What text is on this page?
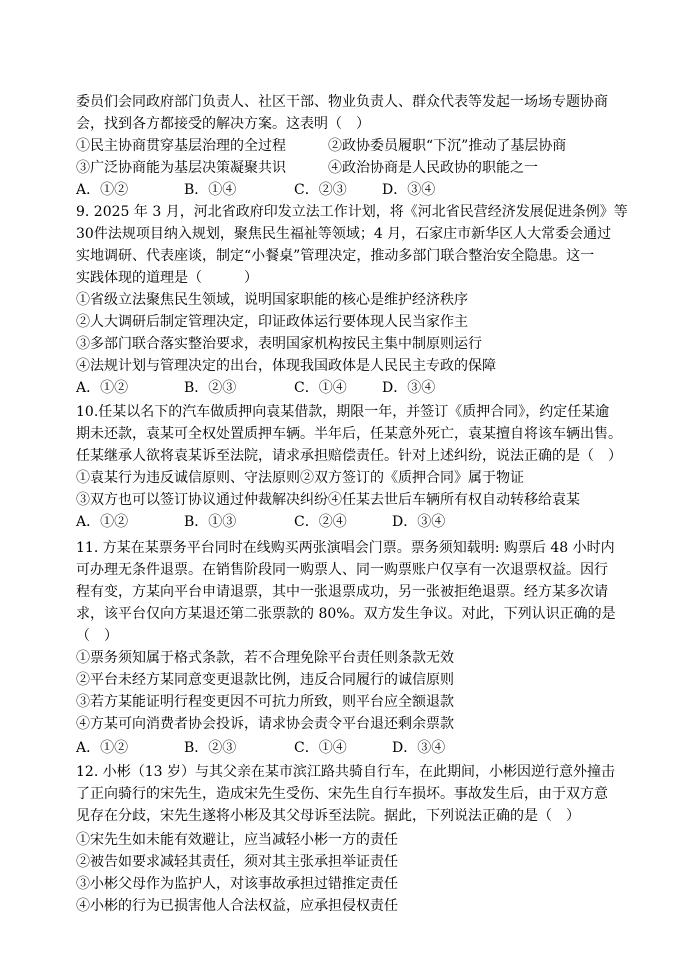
委员们会同政府部门负责人、社区干部、物业负责人、群众代表等发起一场场专题协商
会，找到各方都接受的解决方案。这表明（　）
①民主协商贯穿基层治理的全过程　　　②政协委员履职“下沉”推动了基层协商
③广泛协商能为基层决策凝聚共识　　　④政治协商是人民政协的职能之一
A．①②	B．①④	C．②③	D．③④
9. 2025 年 3 月，河北省政府印发立法工作计划，将《河北省民营经济发展促进条例》等
30件法规项目纳入规划，聚焦民生福祉等领域；4 月，石家庄市新华区人大常委会通过
实地调研、代表座谈，制定“小餐桌”管理决定，推动多部门联合整治安全隐患。这一
实践体现的道理是（　　　）
①省级立法聚焦民生领域，说明国家职能的核心是维护经济秩序
②人大调研后制定管理决定，印证政体运行要体现人民当家作主
③多部门联合落实整治要求，表明国家机构按民主集中制原则运行
④法规计划与管理决定的出台，体现我国政体是人民民主专政的保障
A．①②	B．②③	C．①④	D．③④
10.任某以名下的汽车做质押向袁某借款，期限一年，并签订《质押合同》，约定任某逾
期未还款，袁某可全权处置质押车辆。半年后，任某意外死亡，袁某擅自将该车辆出售。
任某继承人欲将袁某诉至法院，请求承担赔偿责任。针对上述纠纷，说法正确的是（　）
①袁某行为违反诚信原则、守法原则②双方签订的《质押合同》属于物证
③双方也可以签订协议通过仲裁解决纠纷④任某去世后车辆所有权自动转移给袁某
A．①②	B．①③	C．②④	D．③④
11. 方某在某票务平台同时在线购买两张演唱会门票。票务须知载明: 购票后 48 小时内
可办理无条件退票。在销售阶段同一购票人、同一购票账户仅享有一次退票权益。因行
程有变，方某向平台申请退票，其中一张退票成功，另一张被拒绝退票。经方某多次请
求，该平台仅向方某退还第二张票款的 80%。双方发生争议。对此，下列认识正确的是
（　）
①票务须知属于格式条款，若不合理免除平台责任则条款无效
②平台未经方某同意变更退款比例，违反合同履行的诚信原则
③若方某能证明行程变更因不可抗力所致，则平台应全额退款
④方某可向消费者协会投诉，请求协会责令平台退还剩余票款
A．①②	B．②③	C．①④	D．③④
12. 小彬（13 岁）与其父亲在某市滨江路共骑自行车，在此期间，小彬因逆行意外撞击
了正向骑行的宋先生，造成宋先生受伤、宋先生自行车损坏。事故发生后，由于双方意
见存在分歧，宋先生遂将小彬及其父母诉至法院。据此，下列说法正确的是（　）
①宋先生如未能有效避让，应当减轻小彬一方的责任
②被告如要求减轻其责任，须对其主张承担举证责任
③小彬父母作为监护人，对该事故承担过错推定责任
④小彬的行为已损害他人合法权益，应承担侵权责任
